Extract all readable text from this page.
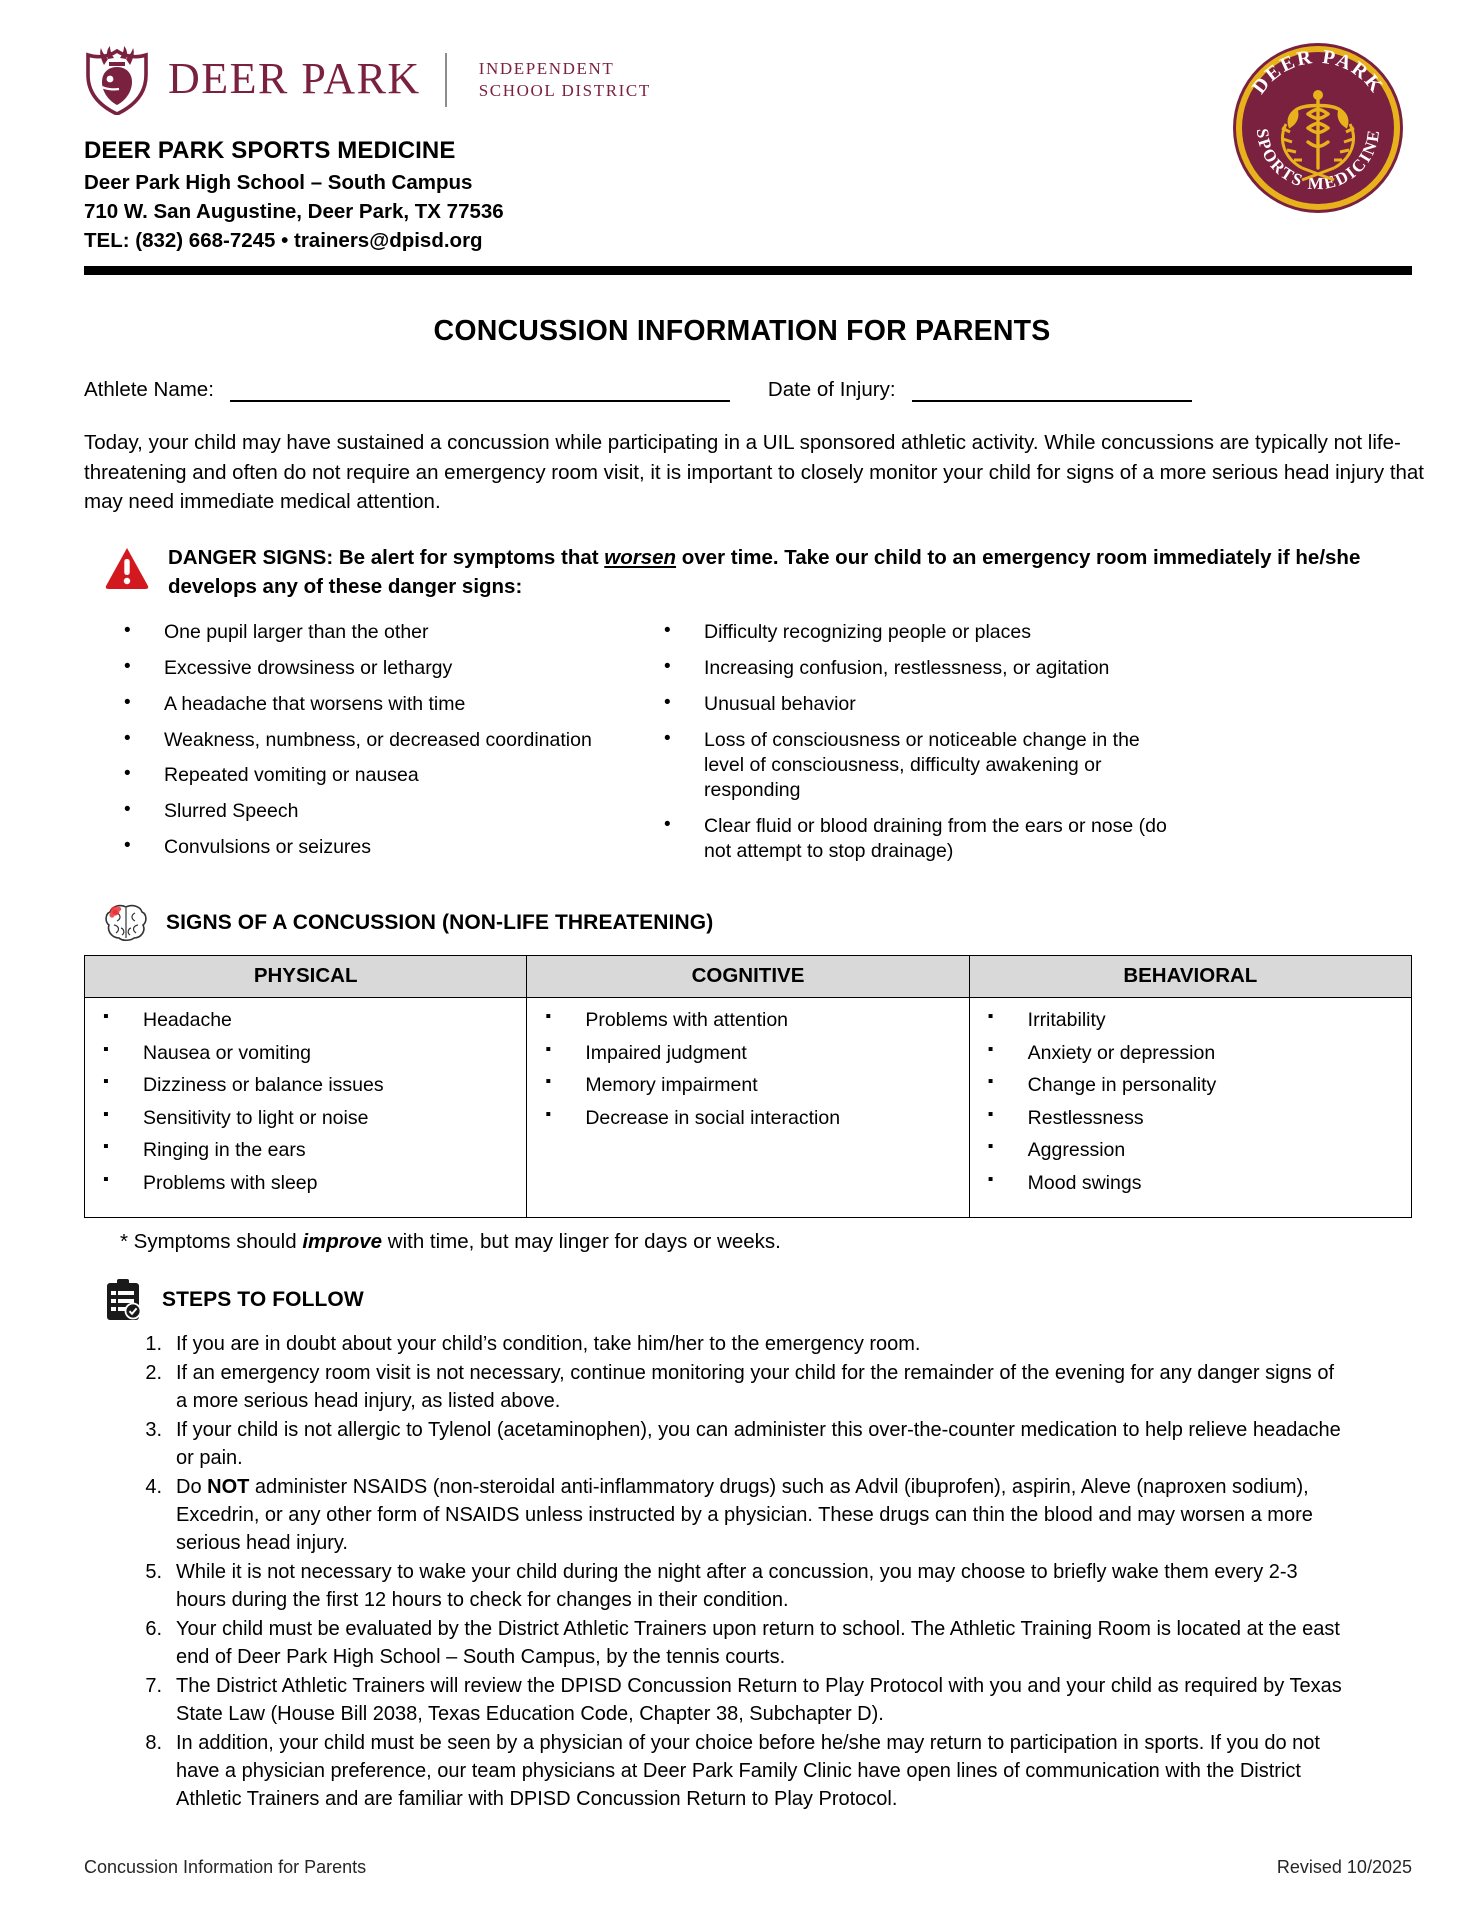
DEER PARK	INDEPENDENT
SCHOOL DISTRICT
DEER PARK SPORTS MEDICINE
Deer Park High School – South Campus
710 W. San Augustine, Deer Park, TX 77536
TEL: (832) 668-7245 • trainers@dpisd.org
DEER PARK
SPORTS MEDICINE
CONCUSSION INFORMATION FOR PARENTS
Athlete Name:	Date of Injury:
Today, your child may have sustained a concussion while participating in a UIL sponsored athletic activity. While concussions are typically not life-threatening and often do not require an emergency room visit, it is important to closely monitor your child for signs of a more serious head injury that may need immediate medical attention.
DANGER SIGNS: Be alert for symptoms that worsen over time. Take our child to an emergency room immediately if he/she develops any of these danger signs:
• One pupil larger than the other
• Excessive drowsiness or lethargy
• A headache that worsens with time
• Weakness, numbness, or decreased coordination
• Repeated vomiting or nausea
• Slurred Speech
• Convulsions or seizures
• Difficulty recognizing people or places
• Increasing confusion, restlessness, or agitation
• Unusual behavior
• Loss of consciousness or noticeable change in the level of consciousness, difficulty awakening or responding
• Clear fluid or blood draining from the ears or nose (do not attempt to stop drainage)
SIGNS OF A CONCUSSION (NON-LIFE THREATENING)
PHYSICAL	COGNITIVE	BEHAVIORAL

▪ Headache
▪ Nausea or vomiting
▪ Dizziness or balance issues
▪ Sensitivity to light or noise
▪ Ringing in the ears
▪ Problems with sleep

▪ Problems with attention
▪ Impaired judgment
▪ Memory impairment
▪ Decrease in social interaction

▪ Irritability
▪ Anxiety or depression
▪ Change in personality
▪ Restlessness
▪ Aggression
▪ Mood swings
* Symptoms should improve with time, but may linger for days or weeks.
STEPS TO FOLLOW
If you are in doubt about your child’s condition, take him/her to the emergency room.
If an emergency room visit is not necessary, continue monitoring your child for the remainder of the evening for any danger signs of a more serious head injury, as listed above.
If your child is not allergic to Tylenol (acetaminophen), you can administer this over-the-counter medication to help relieve headache or pain.
Do NOT administer NSAIDS (non-steroidal anti-inflammatory drugs) such as Advil (ibuprofen), aspirin, Aleve (naproxen sodium), Excedrin, or any other form of NSAIDS unless instructed by a physician. These drugs can thin the blood and may worsen a more serious head injury.
While it is not necessary to wake your child during the night after a concussion, you may choose to briefly wake them every 2-3 hours during the first 12 hours to check for changes in their condition.
Your child must be evaluated by the District Athletic Trainers upon return to school. The Athletic Training Room is located at the east end of Deer Park High School – South Campus, by the tennis courts.
The District Athletic Trainers will review the DPISD Concussion Return to Play Protocol with you and your child as required by Texas State Law (House Bill 2038, Texas Education Code, Chapter 38, Subchapter D).
In addition, your child must be seen by a physician of your choice before he/she may return to participation in sports. If you do not have a physician preference, our team physicians at Deer Park Family Clinic have open lines of communication with the District Athletic Trainers and are familiar with DPISD Concussion Return to Play Protocol.
Concussion Information for Parents	Revised 10/2025
